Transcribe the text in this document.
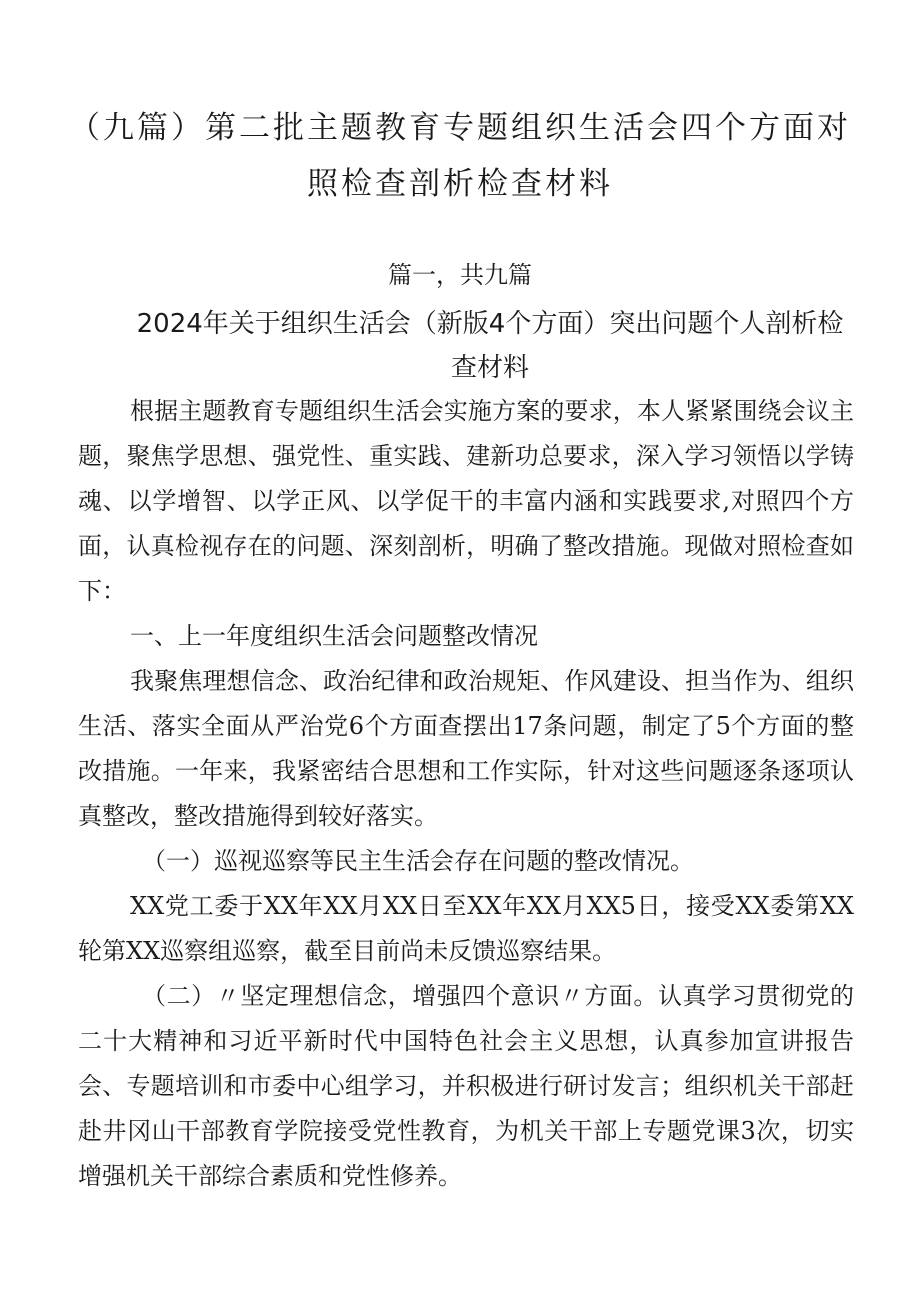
（九篇）第二批主题教育专题组织生活会四个方面对照检查剖析检查材料
篇一，共九篇
2024年关于组织生活会（新版4个方面）突出问题个人剖析检查材料

根据主题教育专题组织生活会实施方案的要求，本人紧紧围绕会议主题，聚焦学思想、强党性、重实践、建新功总要求，深入学习领悟以学铸魂、以学增智、以学正风、以学促干的丰富内涵和实践要求,对照四个方面，认真检视存在的问题、深刻剖析，明确了整改措施。现做对照检查如下：

一、上一年度组织生活会问题整改情况

我聚焦理想信念、政治纪律和政治规矩、作风建设、担当作为、组织生活、落实全面从严治党6个方面查摆出17条问题，制定了5个方面的整改措施。一年来，我紧密结合思想和工作实际，针对这些问题逐条逐项认真整改，整改措施得到较好落实。

（一）巡视巡察等民主生活会存在问题的整改情况。

XX党工委于XX年XX月XX日至XX年XX月XX5日，接受XX委第XX轮第XX巡察组巡察，截至目前尚未反馈巡察结果。

（二）〃坚定理想信念，增强四个意识〃方面。认真学习贯彻党的二十大精神和习近平新时代中国特色社会主义思想，认真参加宣讲报告会、专题培训和市委中心组学习，并积极进行研讨发言；组织机关干部赶赴井冈山干部教育学院接受党性教育，为机关干部上专题党课3次，切实增强机关干部综合素质和党性修养。
